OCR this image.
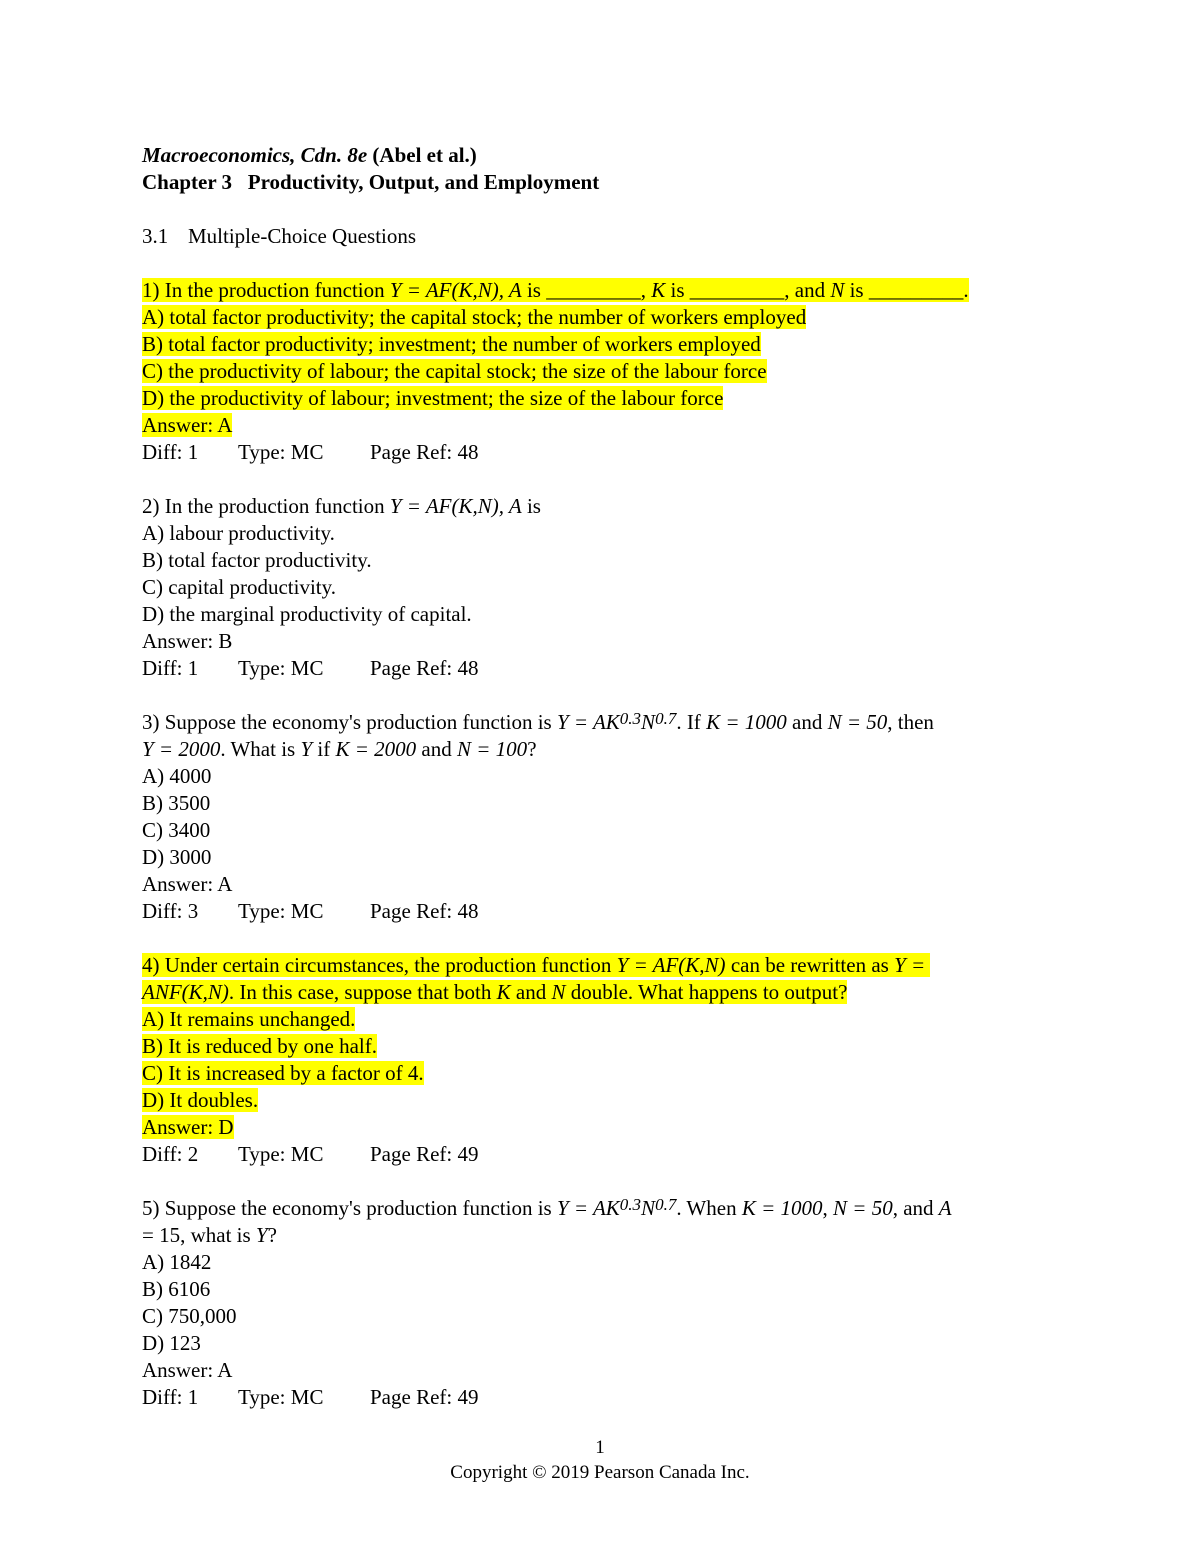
Macroeconomics, Cdn. 8e (Abel et al.)

Chapter 3 Productivity, Output, and Employment

3.1 Multiple-Choice Questions
1) In the production function Y = AF(K,N), A is _________, K is _________, and N is _________.
A) total factor productivity; the capital stock; the number of workers employed
B) total factor productivity; investment; the number of workers employed
C) the productivity of labour; the capital stock; the size of the labour force
D) the productivity of labour; investment; the size of the labour force
Answer: A
Diff: 1 Type: MC Page Ref: 48
2) In the production function Y = AF(K,N), A is
A) labour productivity.
B) total factor productivity.
C) capital productivity.
D) the marginal productivity of capital.
Answer: B
Diff: 1 Type: MC Page Ref: 48
3) Suppose the economy's production function is $Y = AK^{0.3}N^{0.7}$. If K = 1000 and N = 50, then
Y = 2000. What is Y if K = 2000 and N = 100?
A) 4000
B) 3500
C) 3400
D) 3000
Answer: A
Diff: 3 Type: MC Page Ref: 48
4) Under certain circumstances, the production function Y = AF(K,N) can be rewritten as Y =
ANF(K,N). In this case, suppose that both K and N double. What happens to output?
A) It remains unchanged.
B) It is reduced by one half.
C) It is increased by a factor of 4.
D) It doubles.
Answer: D
Diff: 2 Type: MC Page Ref: 49
5) Suppose the economy's production function is $Y = AK^{0.3}N^{0.7}$. When K = 1000, N = 50, and A
= 15, what is Y?
A) 1842
B) 6106
C) 750,000
D) 123
Answer: A
Diff: 1 Type: MC Page Ref: 49
1
Copyright © 2019 Pearson Canada Inc.
